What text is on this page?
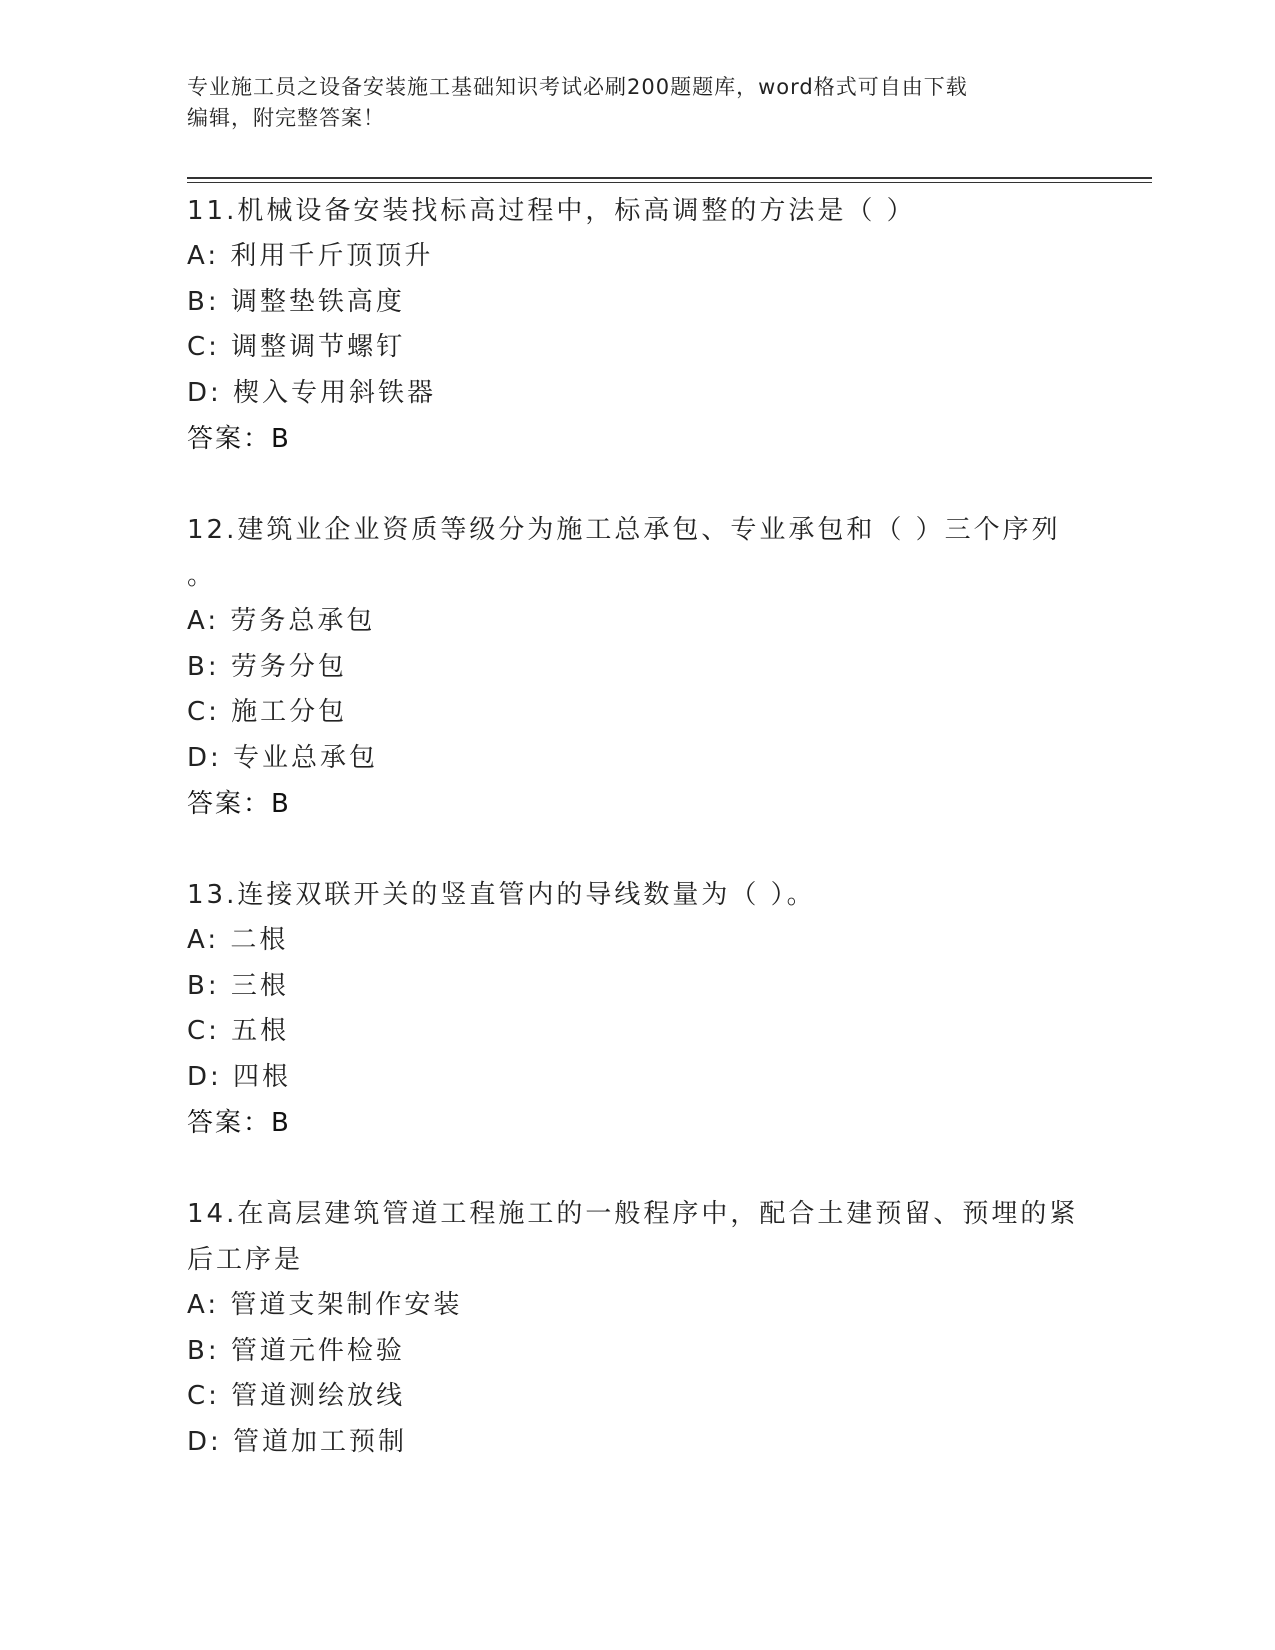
专业施工员之设备安装施工基础知识考试必刷200题题库，word格式可自由下载
编辑，附完整答案！
11.机械设备安装找标高过程中，标高调整的方法是（ ）
A: 利用千斤顶顶升
B: 调整垫铁高度
C: 调整调节螺钉
D: 楔入专用斜铁器
答案：B
12.建筑业企业资质等级分为施工总承包、专业承包和（ ）三个序列
。
A: 劳务总承包
B: 劳务分包
C: 施工分包
D: 专业总承包
答案：B
13.连接双联开关的竖直管内的导线数量为（ ）。
A: 二根
B: 三根
C: 五根
D: 四根
答案：B
14.在高层建筑管道工程施工的一般程序中，配合土建预留、预埋的紧
后工序是
A: 管道支架制作安装
B: 管道元件检验
C: 管道测绘放线
D: 管道加工预制
